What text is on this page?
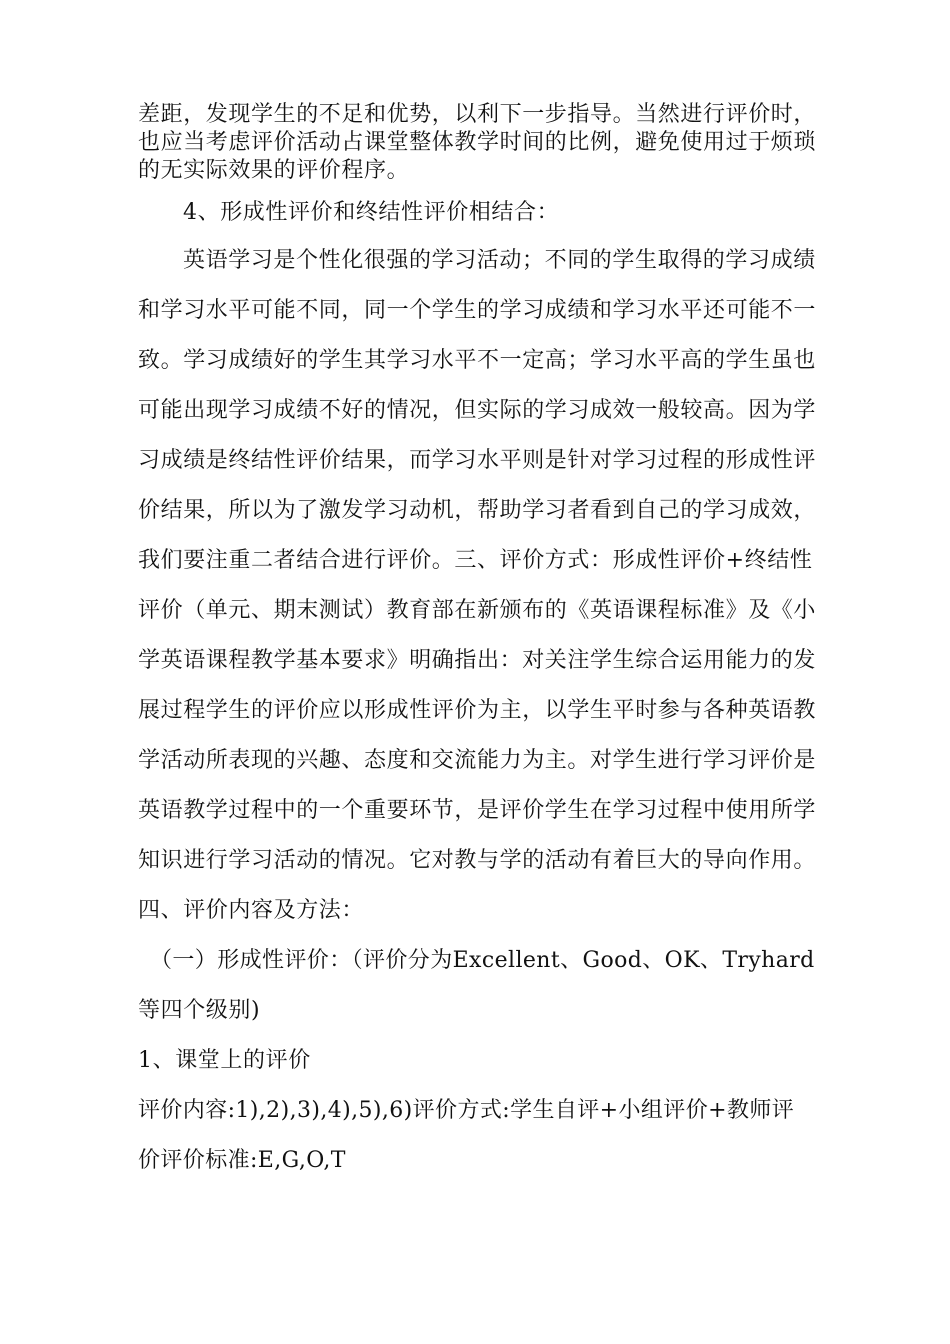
差距，发现学生的不足和优势，以利下一步指导。当然进行评价时，
也应当考虑评价活动占课堂整体教学时间的比例，避免使用过于烦琐
的无实际效果的评价程序。
4、形成性评价和终结性评价相结合：
英语学习是个性化很强的学习活动；不同的学生取得的学习成绩
和学习水平可能不同，同一个学生的学习成绩和学习水平还可能不一
致。学习成绩好的学生其学习水平不一定高；学习水平高的学生虽也
可能出现学习成绩不好的情况，但实际的学习成效一般较高。因为学
习成绩是终结性评价结果，而学习水平则是针对学习过程的形成性评
价结果，所以为了激发学习动机，帮助学习者看到自己的学习成效，
我们要注重二者结合进行评价。三、评价方式：形成性评价+终结性
评价（单元、期末测试）教育部在新颁布的《英语课程标准》及《小
学英语课程教学基本要求》明确指出：对关注学生综合运用能力的发
展过程学生的评价应以形成性评价为主，以学生平时参与各种英语教
学活动所表现的兴趣、态度和交流能力为主。对学生进行学习评价是
英语教学过程中的一个重要环节，是评价学生在学习过程中使用所学
知识进行学习活动的情况。它对教与学的活动有着巨大的导向作用。
四、评价内容及方法：
（一）形成性评价：（评价分为Excellent、Good、OK、Tryhard
等四个级别)
1、课堂上的评价
评价内容:1),2),3),4),5),6)评价方式:学生自评+小组评价+教师评
价评价标准:E,G,O,T
